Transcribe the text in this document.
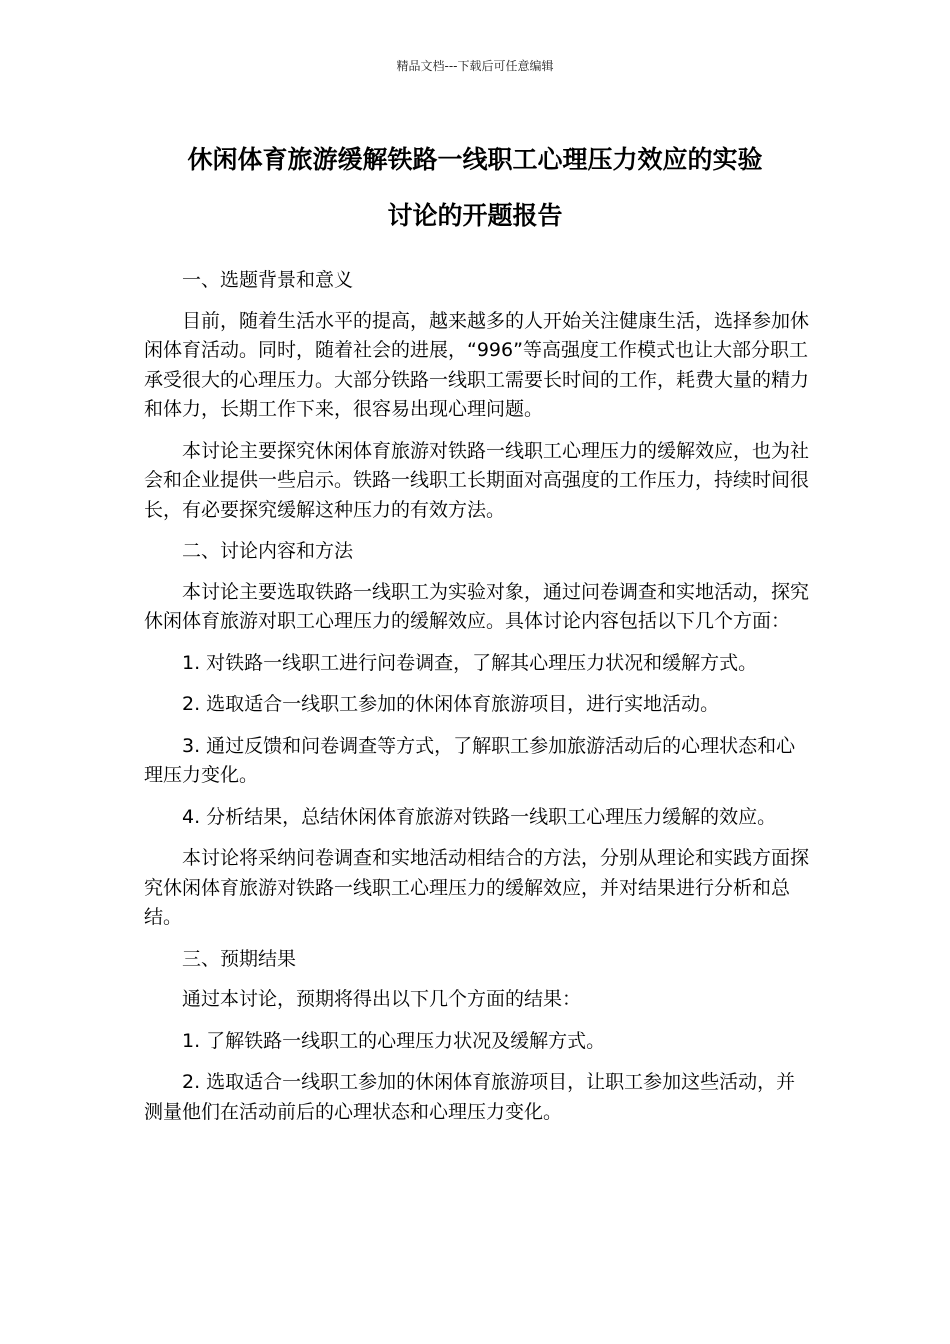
精品文档---下载后可任意编辑
休闲体育旅游缓解铁路一线职工心理压力效应的实验
讨论的开题报告

一、选题背景和意义

目前，随着生活水平的提高，越来越多的人开始关注健康生活，选择参加休闲体育活动。同时，随着社会的进展，“996”等高强度工作模式也让大部分职工承受很大的心理压力。大部分铁路一线职工需要长时间的工作，耗费大量的精力和体力，长期工作下来，很容易出现心理问题。

本讨论主要探究休闲体育旅游对铁路一线职工心理压力的缓解效应，也为社会和企业提供一些启示。铁路一线职工长期面对高强度的工作压力，持续时间很长，有必要探究缓解这种压力的有效方法。

二、讨论内容和方法

本讨论主要选取铁路一线职工为实验对象，通过问卷调查和实地活动，探究休闲体育旅游对职工心理压力的缓解效应。具体讨论内容包括以下几个方面：

1. 对铁路一线职工进行问卷调查，了解其心理压力状况和缓解方式。

2. 选取适合一线职工参加的休闲体育旅游项目，进行实地活动。

3. 通过反馈和问卷调查等方式，了解职工参加旅游活动后的心理状态和心理压力变化。

4. 分析结果，总结休闲体育旅游对铁路一线职工心理压力缓解的效应。

本讨论将采纳问卷调查和实地活动相结合的方法，分别从理论和实践方面探究休闲体育旅游对铁路一线职工心理压力的缓解效应，并对结果进行分析和总结。

三、预期结果

通过本讨论，预期将得出以下几个方面的结果：

1. 了解铁路一线职工的心理压力状况及缓解方式。

2. 选取适合一线职工参加的休闲体育旅游项目，让职工参加这些活动，并测量他们在活动前后的心理状态和心理压力变化。
